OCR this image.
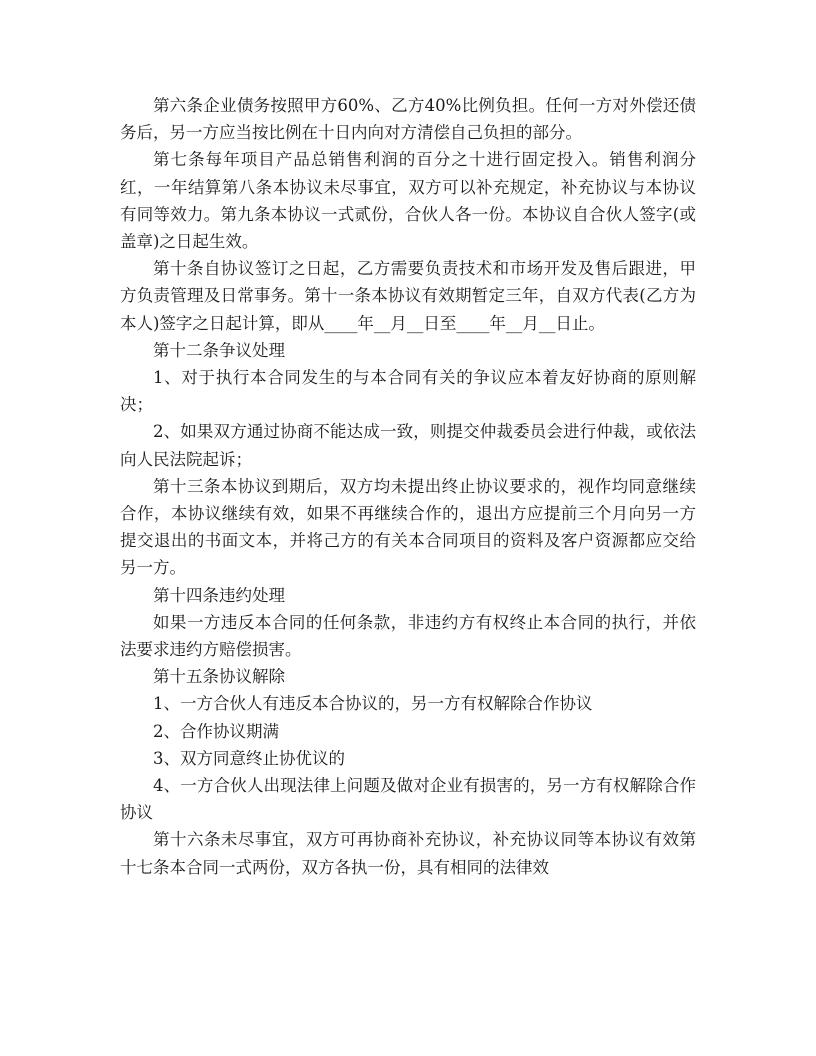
第六条企业债务按照甲方60%、乙方40%比例负担。任何一方对外偿还债务后，另一方应当按比例在十日内向对方清偿自己负担的部分。

第七条每年项目产品总销售利润的百分之十进行固定投入。销售利润分红，一年结算第八条本协议未尽事宜，双方可以补充规定，补充协议与本协议有同等效力。第九条本协议一式贰份，合伙人各一份。本协议自合伙人签字(或盖章)之日起生效。

第十条自协议签订之日起，乙方需要负责技术和市场开发及售后跟进，甲方负责管理及日常事务。第十一条本协议有效期暂定三年，自双方代表(乙方为本人)签字之日起计算，即从____年__月__日至____年__月__日止。

第十二条争议处理

1、对于执行本合同发生的与本合同有关的争议应本着友好协商的原则解决；

2、如果双方通过协商不能达成一致，则提交仲裁委员会进行仲裁，或依法向人民法院起诉；

第十三条本协议到期后，双方均未提出终止协议要求的，视作均同意继续合作，本协议继续有效，如果不再继续合作的，退出方应提前三个月向另一方提交退出的书面文本，并将己方的有关本合同项目的资料及客户资源都应交给另一方。

第十四条违约处理

如果一方违反本合同的任何条款，非违约方有权终止本合同的执行，并依法要求违约方赔偿损害。

第十五条协议解除

1、一方合伙人有违反本合协议的，另一方有权解除合作协议

2、合作协议期满

3、双方同意终止协优议的

4、一方合伙人出现法律上问题及做对企业有损害的，另一方有权解除合作协议

第十六条未尽事宜，双方可再协商补充协议，补充协议同等本协议有效第十七条本合同一式两份，双方各执一份，具有相同的法律效
